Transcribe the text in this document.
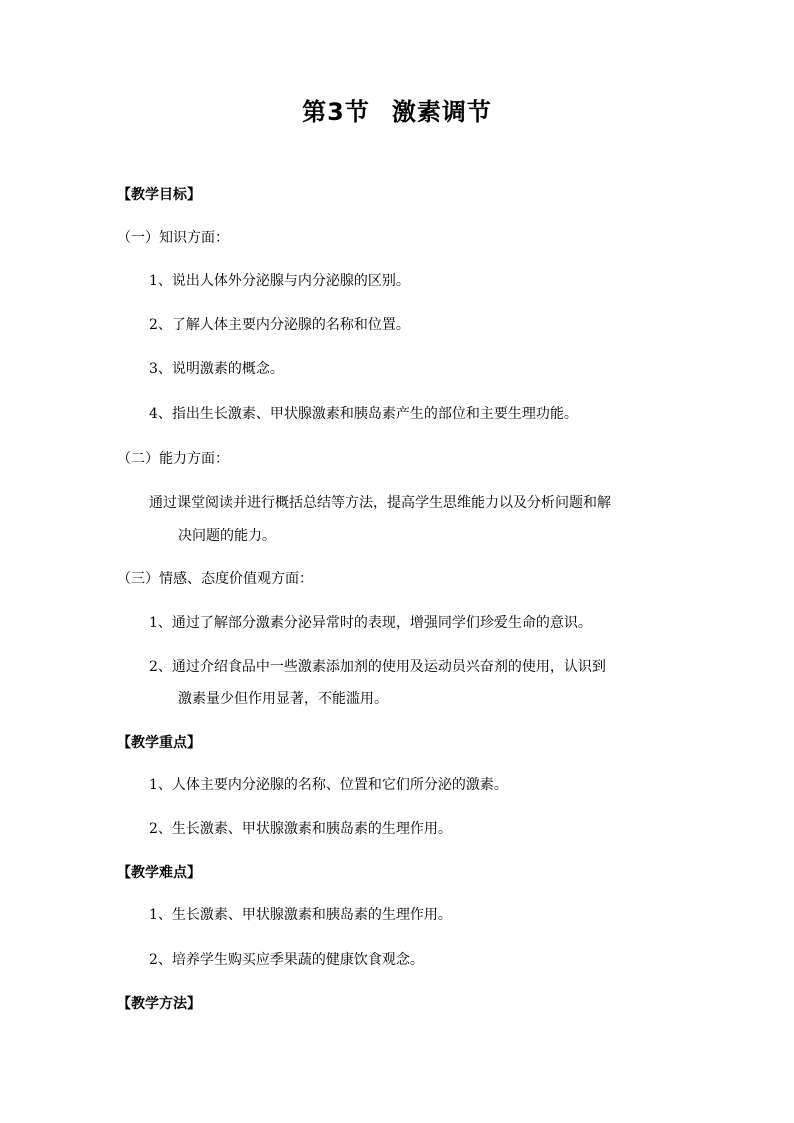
第3节 激素调节
【教学目标】
（一）知识方面：
1、说出人体外分泌腺与内分泌腺的区别。
2、了解人体主要内分泌腺的名称和位置。
3、说明激素的概念。
4、指出生长激素、甲状腺激素和胰岛素产生的部位和主要生理功能。
（二）能力方面：
通过课堂阅读并进行概括总结等方法，提高学生思维能力以及分析问题和解
决问题的能力。
（三）情感、态度价值观方面：
1、通过了解部分激素分泌异常时的表现，增强同学们珍爱生命的意识。
2、通过介绍食品中一些激素添加剂的使用及运动员兴奋剂的使用，认识到
激素量少但作用显著，不能滥用。
【教学重点】
1、人体主要内分泌腺的名称、位置和它们所分泌的激素。
2、生长激素、甲状腺激素和胰岛素的生理作用。
【教学难点】
1、生长激素、甲状腺激素和胰岛素的生理作用。
2、培养学生购买应季果蔬的健康饮食观念。
【教学方法】
